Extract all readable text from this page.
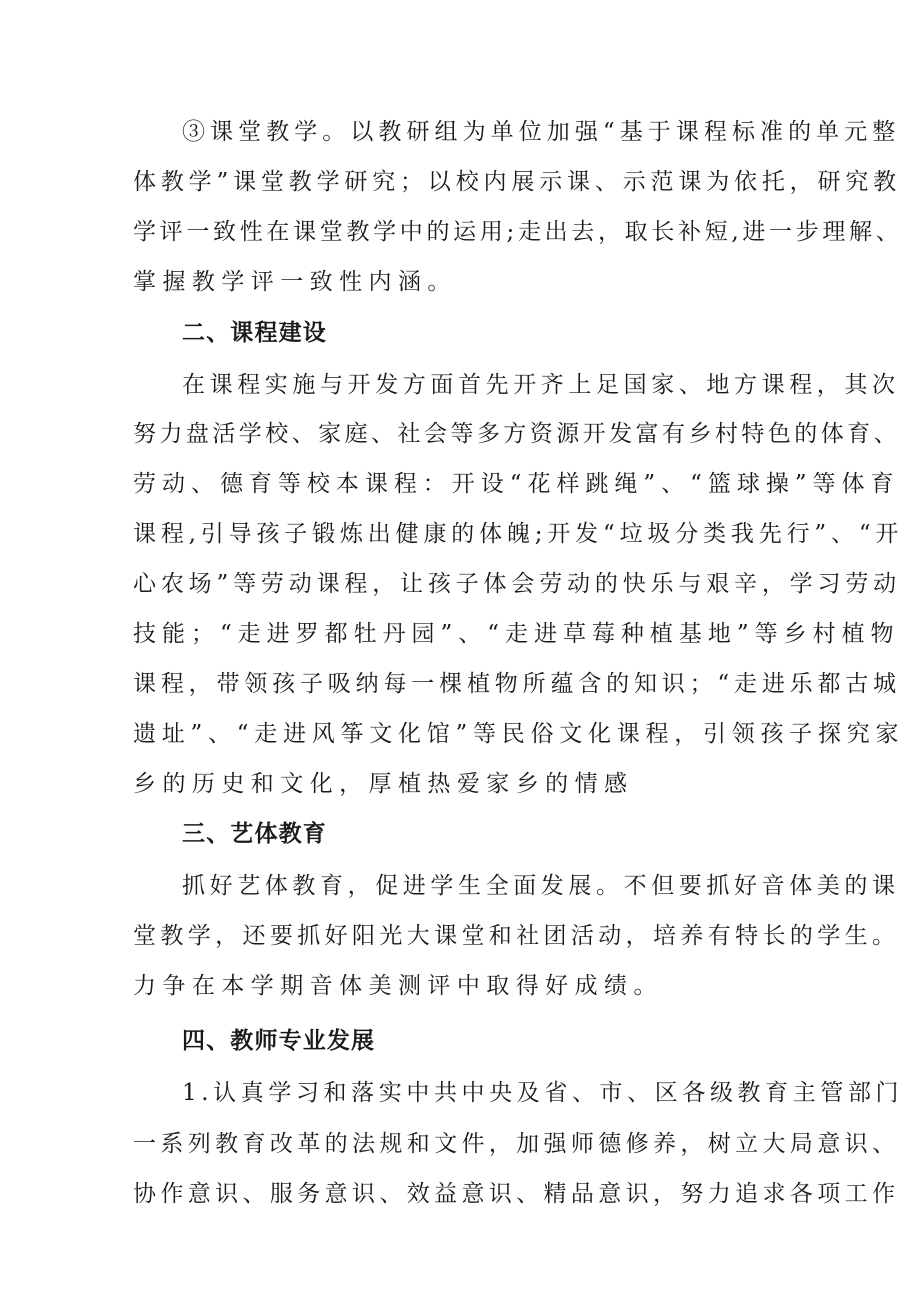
③课堂教学。以教研组为单位加强“基于课程标准的单元整
体教学”课堂教学研究；以校内展示课、示范课为依托，研究教
学评一致性在课堂教学中的运用;走出去，取长补短,进一步理解、
掌握教学评一致性内涵。
二、课程建设
在课程实施与开发方面首先开齐上足国家、地方课程，其次
努力盘活学校、家庭、社会等多方资源开发富有乡村特色的体育、
劳动、德育等校本课程：开设“花样跳绳”、“篮球操”等体育
课程,引导孩子锻炼出健康的体魄;开发“垃圾分类我先行”、“开
心农场”等劳动课程，让孩子体会劳动的快乐与艰辛，学习劳动
技能；“走进罗都牡丹园”、“走进草莓种植基地”等乡村植物
课程，带领孩子吸纳每一棵植物所蕴含的知识；“走进乐都古城
遗址”、“走进风筝文化馆”等民俗文化课程，引领孩子探究家
乡的历史和文化，厚植热爱家乡的情感
三、艺体教育
抓好艺体教育，促进学生全面发展。不但要抓好音体美的课
堂教学，还要抓好阳光大课堂和社团活动，培养有特长的学生。
力争在本学期音体美测评中取得好成绩。
四、教师专业发展
1.认真学习和落实中共中央及省、市、区各级教育主管部门
一系列教育改革的法规和文件，加强师德修养，树立大局意识、
协作意识、服务意识、效益意识、精品意识，努力追求各项工作
